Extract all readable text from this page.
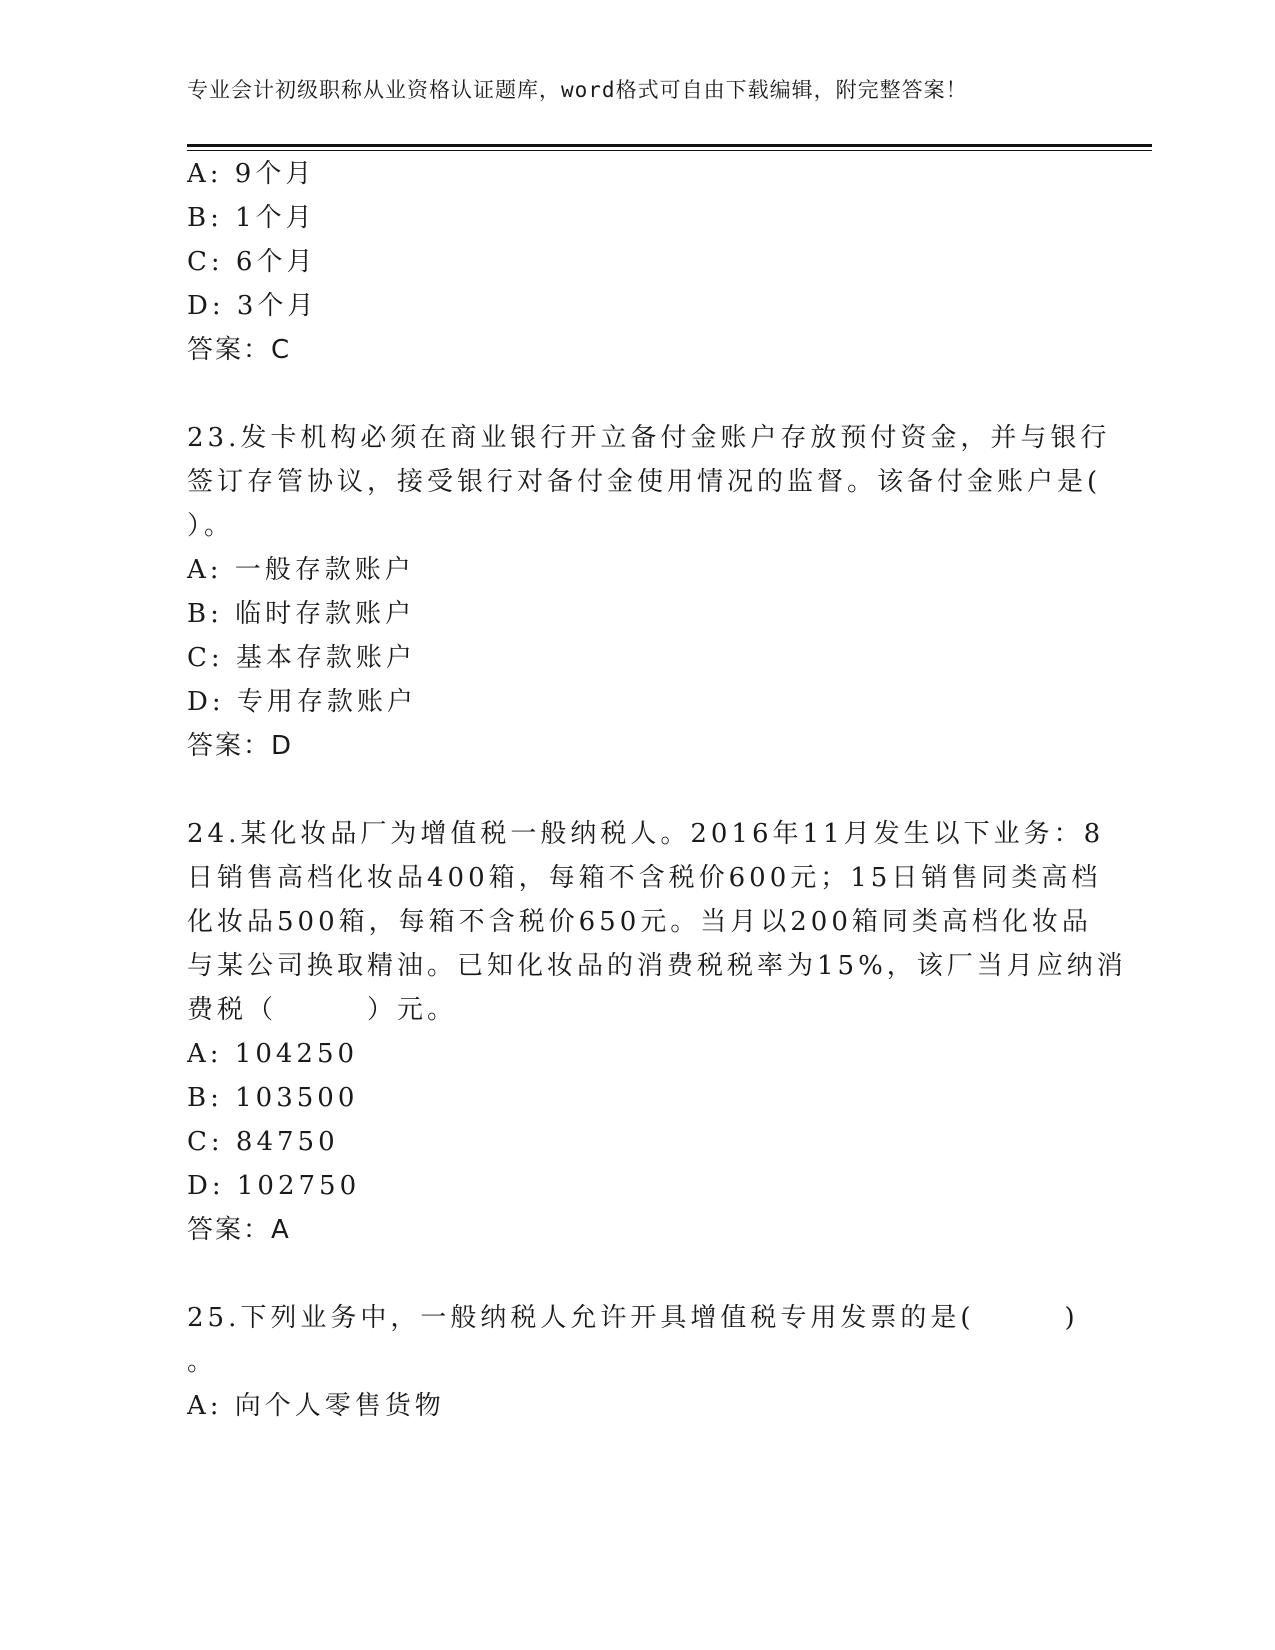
专业会计初级职称从业资格认证题库，word格式可自由下载编辑，附完整答案！
A: 9个月
B: 1个月
C: 6个月
D: 3个月
答案：C
23.发卡机构必须在商业银行开立备付金账户存放预付资金，并与银行
签订存管协议，接受银行对备付金使用情况的监督。该备付金账户是(
）。
A: 一般存款账户
B: 临时存款账户
C: 基本存款账户
D: 专用存款账户
答案：D
24.某化妆品厂为增值税一般纳税人。2016年11月发生以下业务：8
日销售高档化妆品400箱，每箱不含税价600元；15日销售同类高档
化妆品500箱，每箱不含税价650元。当月以200箱同类高档化妆品
与某公司换取精油。已知化妆品的消费税税率为15%，该厂当月应纳消
费税（　　　）元。
A: 104250
B: 103500
C: 84750
D: 102750
答案：A
25.下列业务中，一般纳税人允许开具增值税专用发票的是(　　　)
。
A: 向个人零售货物
